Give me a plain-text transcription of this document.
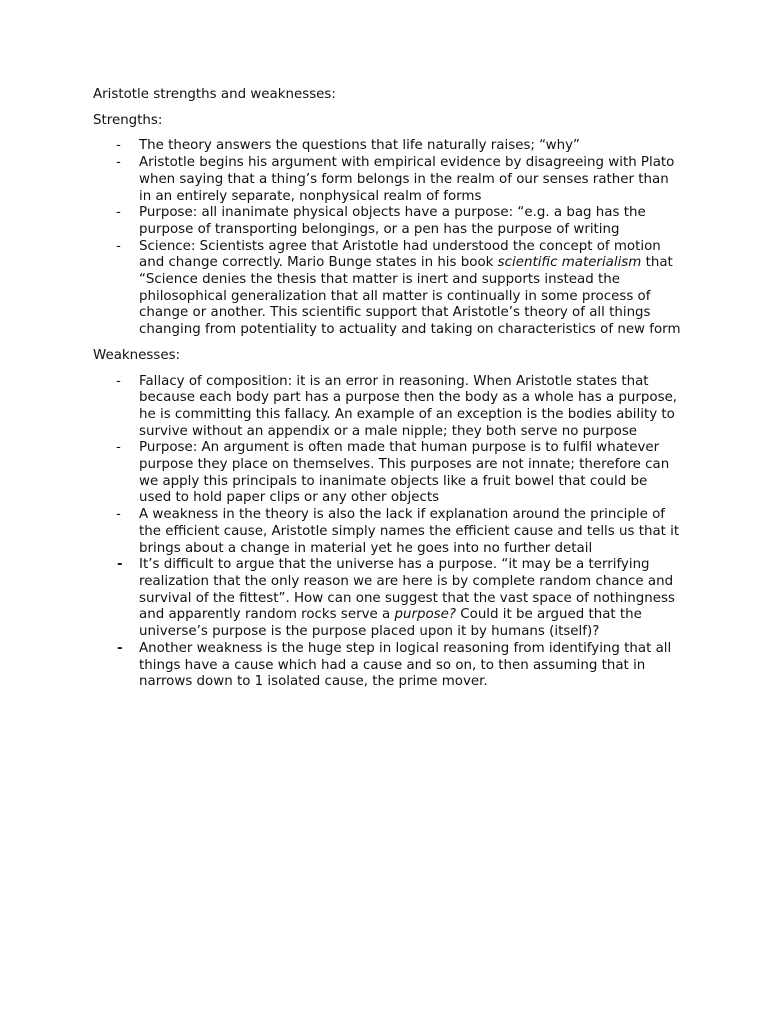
Aristotle strengths and weaknesses:

Strengths:

- The theory answers the questions that life naturally raises; “why”
- Aristotle begins his argument with empirical evidence by disagreeing with Plato when saying that a thing’s form belongs in the realm of our senses rather than in an entirely separate, nonphysical realm of forms
- Purpose: all inanimate physical objects have a purpose: “e.g. a bag has the purpose of transporting belongings, or a pen has the purpose of writing
- Science: Scientists agree that Aristotle had understood the concept of motion and change correctly. Mario Bunge states in his book scientific materialism that “Science denies the thesis that matter is inert and supports instead the philosophical generalization that all matter is continually in some process of change or another. This scientific support that Aristotle’s theory of all things changing from potentiality to actuality and taking on characteristics of new form

Weaknesses:

- Fallacy of composition: it is an error in reasoning. When Aristotle states that because each body part has a purpose then the body as a whole has a purpose, he is committing this fallacy. An example of an exception is the bodies ability to survive without an appendix or a male nipple; they both serve no purpose
- Purpose: An argument is often made that human purpose is to fulfil whatever purpose they place on themselves. This purposes are not innate; therefore can we apply this principals to inanimate objects like a fruit bowel that could be used to hold paper clips or any other objects
- A weakness in the theory is also the lack if explanation around the principle of the efficient cause, Aristotle simply names the efficient cause and tells us that it brings about a change in material yet he goes into no further detail
- It’s difficult to argue that the universe has a purpose. “it may be a terrifying realization that the only reason we are here is by complete random chance and survival of the fittest”. How can one suggest that the vast space of nothingness and apparently random rocks serve a purpose? Could it be argued that the universe’s purpose is the purpose placed upon it by humans (itself)?
- Another weakness is the huge step in logical reasoning from identifying that all things have a cause which had a cause and so on, to then assuming that in narrows down to 1 isolated cause, the prime mover.
